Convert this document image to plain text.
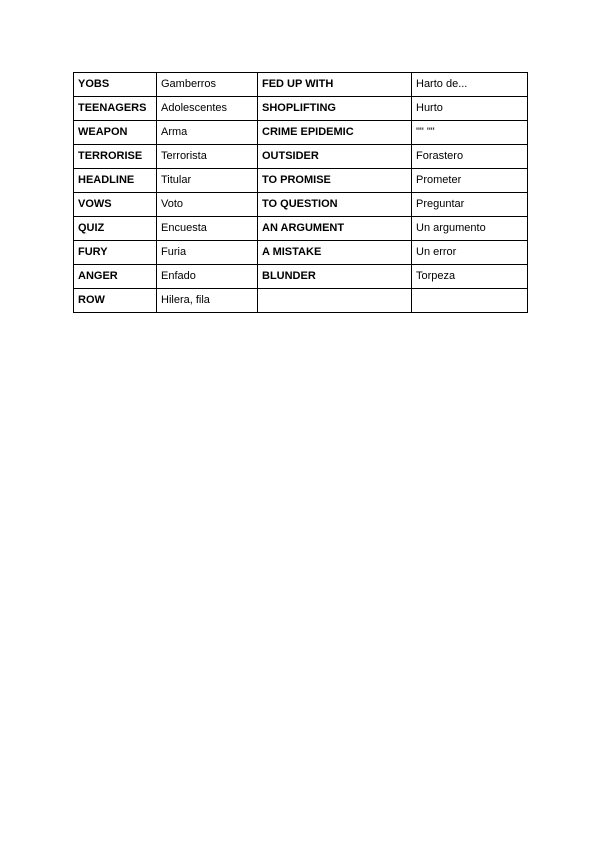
YOBS	Gamberros	FED UP WITH	Harto de...
TEENAGERS	Adolescentes	SHOPLIFTING	Hurto
WEAPON	Arma	CRIME EPIDEMIC	"" ""
TERRORISE	Terrorista	OUTSIDER	Forastero
HEADLINE	Titular	TO PROMISE	Prometer
VOWS	Voto	TO QUESTION	Preguntar
QUIZ	Encuesta	AN ARGUMENT	Un argumento
FURY	Furia	A MISTAKE	Un error
ANGER	Enfado	BLUNDER	Torpeza
ROW	Hilera, fila		
